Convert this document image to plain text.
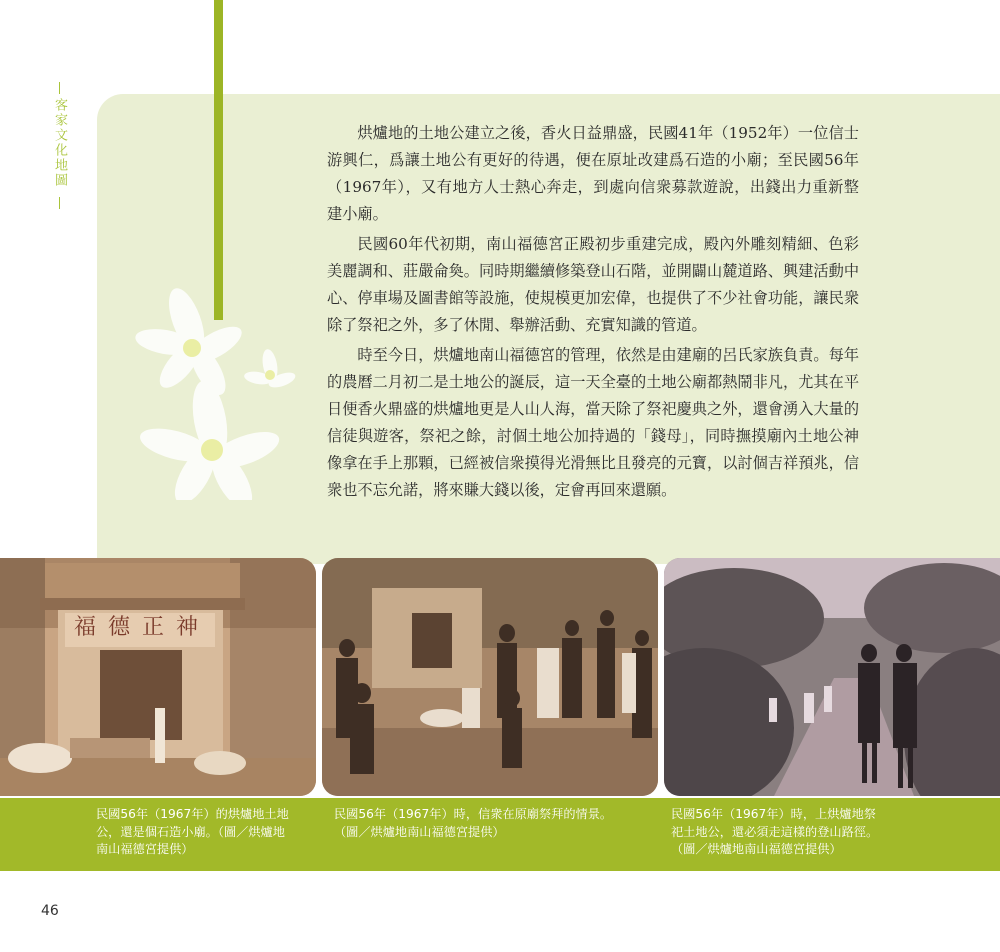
客家文化地圖	烘爐地的土地公建立之後，香火日益鼎盛，民國41年（1952年）一位信士游興仁，爲讓土地公有更好的待遇，便在原址改建爲石造的小廟；至民國56年（1967年），又有地方人士熱心奔走，到處向信衆募款遊說，出錢出力重新整建小廟。

民國60年代初期，南山福德宮正殿初步重建完成，殿內外雕刻精細、色彩美麗調和、莊嚴侖奐。同時期繼續修築登山石階，並開闢山麓道路、興建活動中心、停車場及圖書館等設施，使規模更加宏偉，也提供了不少社會功能，讓民衆除了祭祀之外，多了休閒、舉辦活動、充實知識的管道。

時至今日，烘爐地南山福德宮的管理，依然是由建廟的呂氏家族負責。每年的農曆二月初二是土地公的誕辰，這一天全臺的土地公廟都熱鬧非凡，尤其在平日便香火鼎盛的烘爐地更是人山人海，當天除了祭祀慶典之外，還會湧入大量的信徒與遊客，祭祀之餘，討個土地公加持過的「錢母」，同時撫摸廟內土地公神像拿在手上那顆，已經被信衆摸得光滑無比且發亮的元寶，以討個吉祥預兆，信衆也不忘允諾，將來賺大錢以後，定會再回來還願。

福德正神
民國56年（1967年）的烘爐地土地
公，還是個石造小廟。（圖／烘爐地
南山福德宮提供）
民國56年（1967年）時，信衆在原廟祭拜的情景。
（圖／烘爐地南山福德宮提供）
民國56年（1967年）時，上烘爐地祭
祀土地公，還必須走這樣的登山路徑。
（圖／烘爐地南山福德宮提供）
46
